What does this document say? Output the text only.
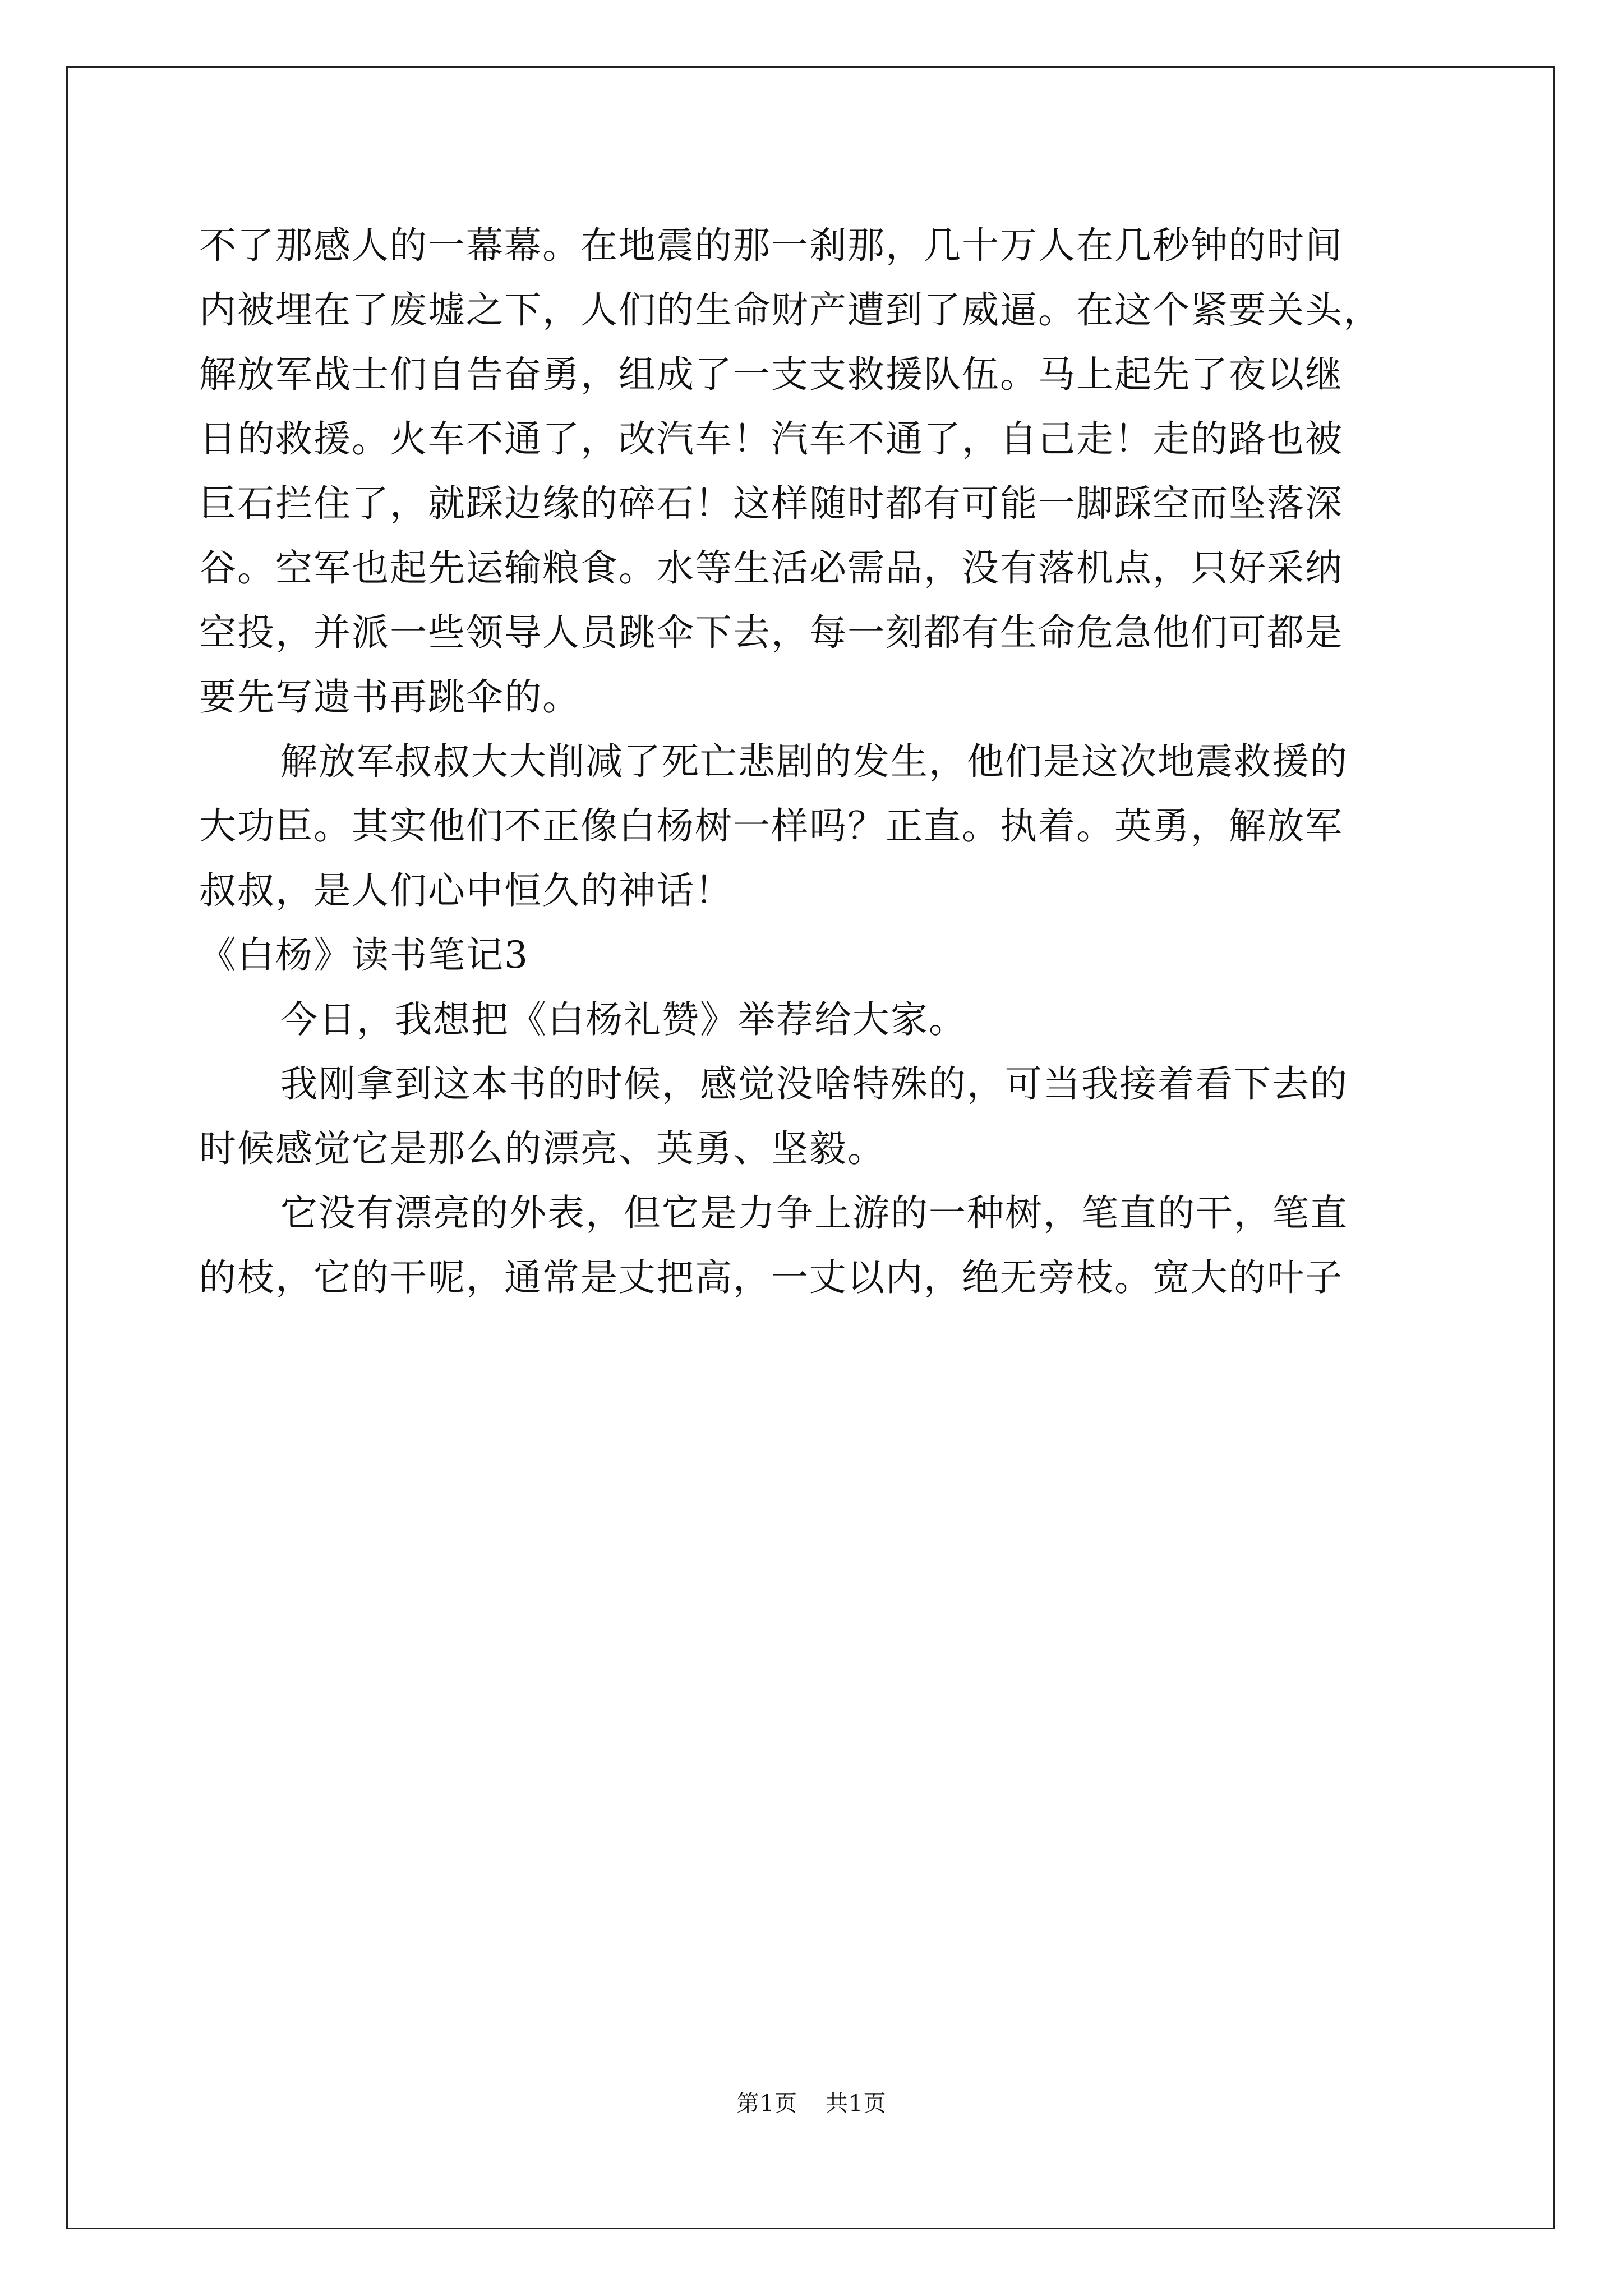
不了那感人的一幕幕。在地震的那一刹那，几十万人在几秒钟的时间
内被埋在了废墟之下，人们的生命财产遭到了威逼。在这个紧要关头，
解放军战士们自告奋勇，组成了一支支救援队伍。马上起先了夜以继
日的救援。火车不通了，改汽车！汽车不通了，自己走！走的路也被
巨石拦住了，就踩边缘的碎石！这样随时都有可能一脚踩空而坠落深
谷。空军也起先运输粮食。水等生活必需品，没有落机点，只好采纳
空投，并派一些领导人员跳伞下去，每一刻都有生命危急他们可都是
要先写遗书再跳伞的。
解放军叔叔大大削减了死亡悲剧的发生，他们是这次地震救援的
大功臣。其实他们不正像白杨树一样吗？正直。执着。英勇，解放军
叔叔，是人们心中恒久的神话！
《白杨》读书笔记3
今日，我想把《白杨礼赞》举荐给大家。
我刚拿到这本书的时候，感觉没啥特殊的，可当我接着看下去的
时候感觉它是那么的漂亮、英勇、坚毅。
它没有漂亮的外表，但它是力争上游的一种树，笔直的干，笔直
的枝，它的干呢，通常是丈把高，一丈以内，绝无旁枝。宽大的叶子
第1页 共1页
